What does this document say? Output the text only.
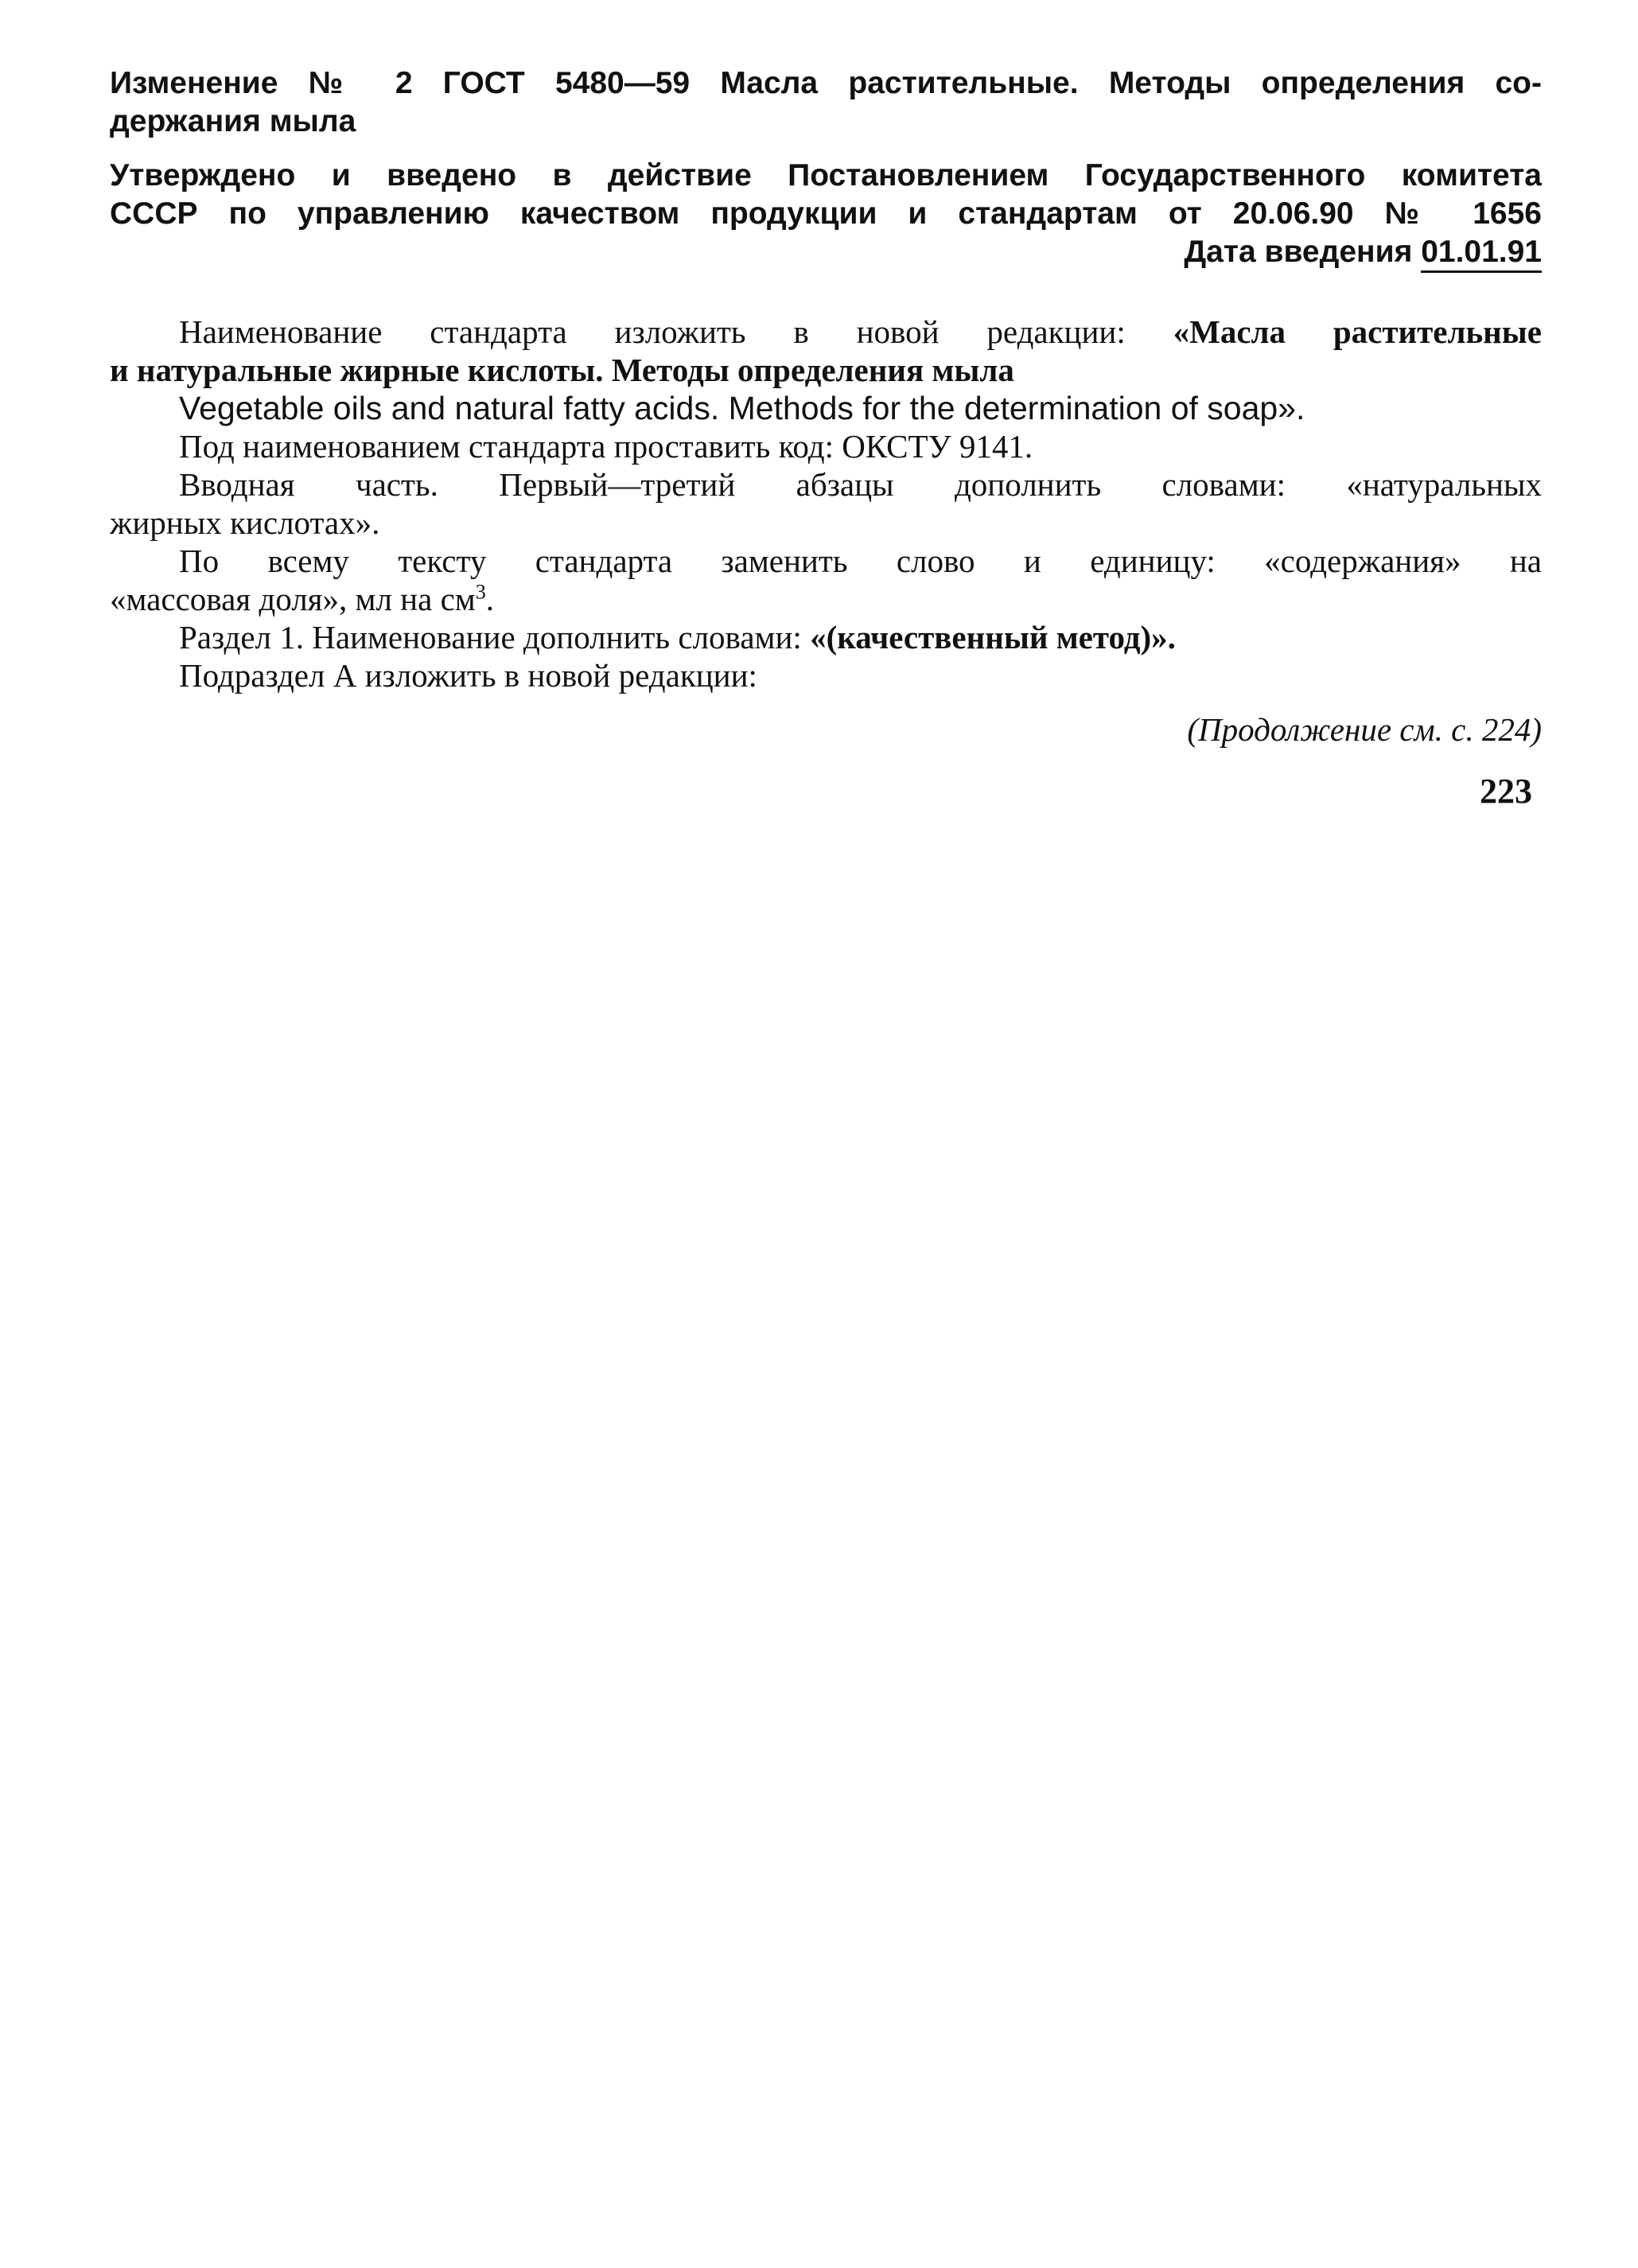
Изменение № 2 ГОСТ 5480—59 Масла растительные. Методы определения со-
держания мыла
Утверждено и введено в действие Постановлением Государственного комитета
СССР по управлению качеством продукции и стандартам от 20.06.90 № 1656
Дата введения 01.01.91
Наименование стандарта изложить в новой редакции: «Масла растительные
и натуральные жирные кислоты. Методы определения мыла
Vegetable oils and natural fatty acids. Methods for the determination of soap».
Под наименованием стандарта проставить код: ОКСТУ 9141.
Вводная часть. Первый—третий абзацы дополнить словами: «натуральных
жирных кислотах».
По всему тексту стандарта заменить слово и единицу: «содержания» на
«массовая доля», мл на $см^3$.
Раздел 1. Наименование дополнить словами: «(качественный метод)».
Подраздел А изложить в новой редакции:
(Продолжение см. с. 224)
223
